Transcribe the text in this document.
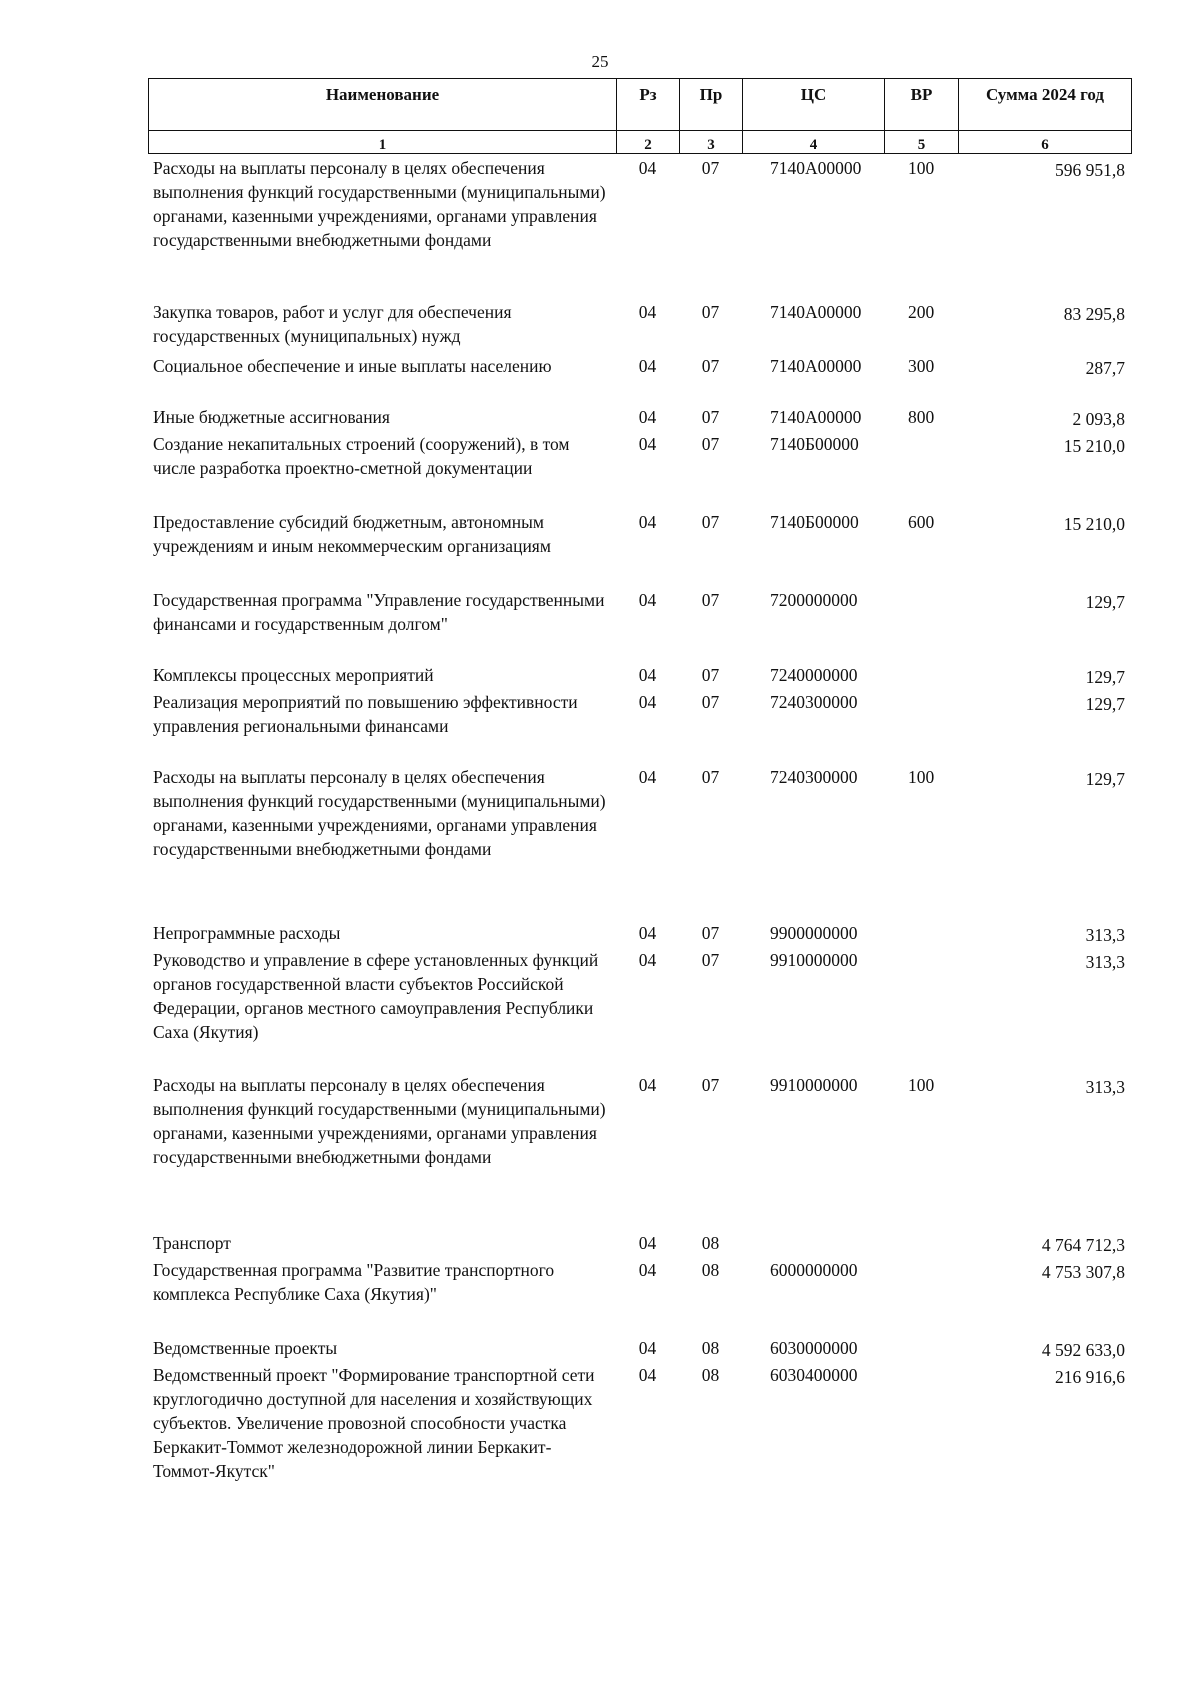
25
Наименование	Рз	Пр	ЦС	ВР	Сумма 2024 год
1	2	3	4	5	6
Расходы на выплаты персоналу в целях обеспечения выполнения функций государственными (муниципальными) органами, казенными учреждениями, органами управления государственными внебюджетными фондами	04	07	7140А00000	100	596 951,8
Закупка товаров, работ и услуг для обеспечения государственных (муниципальных) нужд	04	07	7140А00000	200	83 295,8
Социальное обеспечение и иные выплаты населению	04	07	7140А00000	300	287,7
Иные бюджетные ассигнования	04	07	7140А00000	800	2 093,8
Создание некапитальных строений (сооружений), в том числе разработка проектно-сметной документации	04	07	7140Б00000		15 210,0
Предоставление субсидий бюджетным, автономным учреждениям и иным некоммерческим организациям	04	07	7140Б00000	600	15 210,0
Государственная программа "Управление государственными финансами и государственным долгом"	04	07	7200000000		129,7
Комплексы процессных мероприятий	04	07	7240000000		129,7
Реализация мероприятий по повышению эффективности управления региональными финансами	04	07	7240300000		129,7
Расходы на выплаты персоналу в целях обеспечения выполнения функций государственными (муниципальными) органами, казенными учреждениями, органами управления государственными внебюджетными фондами	04	07	7240300000	100	129,7
Непрограммные расходы	04	07	9900000000		313,3
Руководство и управление в сфере установленных функций органов государственной власти субъектов Российской Федерации, органов местного самоуправления Республики Саха (Якутия)	04	07	9910000000		313,3
Расходы на выплаты персоналу в целях обеспечения выполнения функций государственными (муниципальными) органами, казенными учреждениями, органами управления государственными внебюджетными фондами	04	07	9910000000	100	313,3
Транспорт	04	08			4 764 712,3
Государственная программа "Развитие транспортного комплекса Республике Саха (Якутия)"	04	08	6000000000		4 753 307,8
Ведомственные проекты	04	08	6030000000		4 592 633,0
Ведомственный проект "Формирование транспортной сети круглогодично доступной для населения и хозяйствующих субъектов. Увеличение провозной способности участка Беркакит-Томмот железнодорожной линии Беркакит-Томмот-Якутск"	04	08	6030400000		216 916,6
